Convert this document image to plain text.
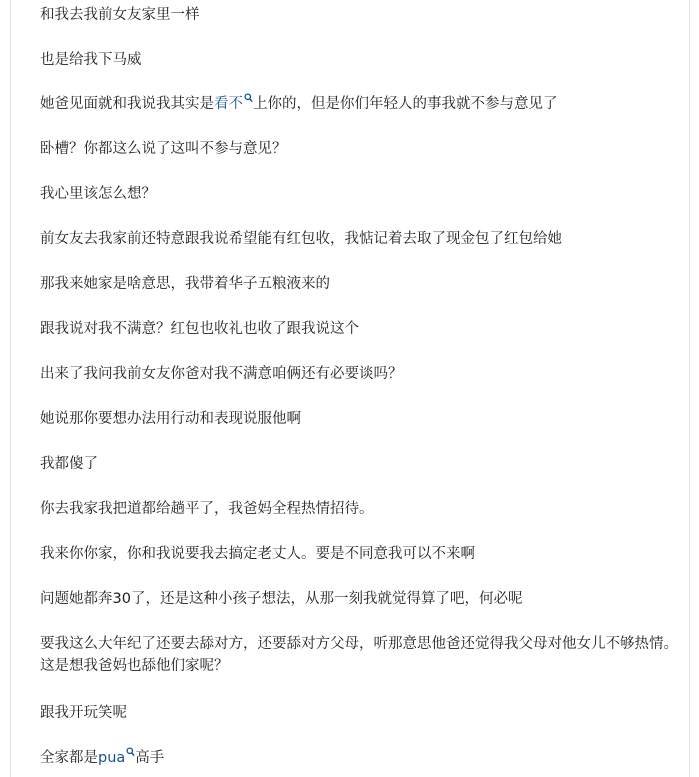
和我去我前女友家里一样

也是给我下马威

她爸见面就和我说我其实是看不 上你的，但是你们年轻人的事我就不参与意见了

卧槽？你都这么说了这叫不参与意见？

我心里该怎么想？

前女友去我家前还特意跟我说希望能有红包收，我惦记着去取了现金包了红包给她

那我来她家是啥意思，我带着华子五粮液来的

跟我说对我不满意？红包也收礼也收了跟我说这个

出来了我问我前女友你爸对我不满意咱俩还有必要谈吗？

她说那你要想办法用行动和表现说服他啊

我都傻了

你去我家我把道都给趟平了，我爸妈全程热情招待。

我来你你家，你和我说要我去搞定老丈人。要是不同意我可以不来啊

问题她都奔30了，还是这种小孩子想法，从那一刻我就觉得算了吧，何必呢

要我这么大年纪了还要去舔对方，还要舔对方父母，听那意思他爸还觉得我父母对他女儿不够热情。这是想我爸妈也舔他们家呢？

跟我开玩笑呢

全家都是pua 高手
